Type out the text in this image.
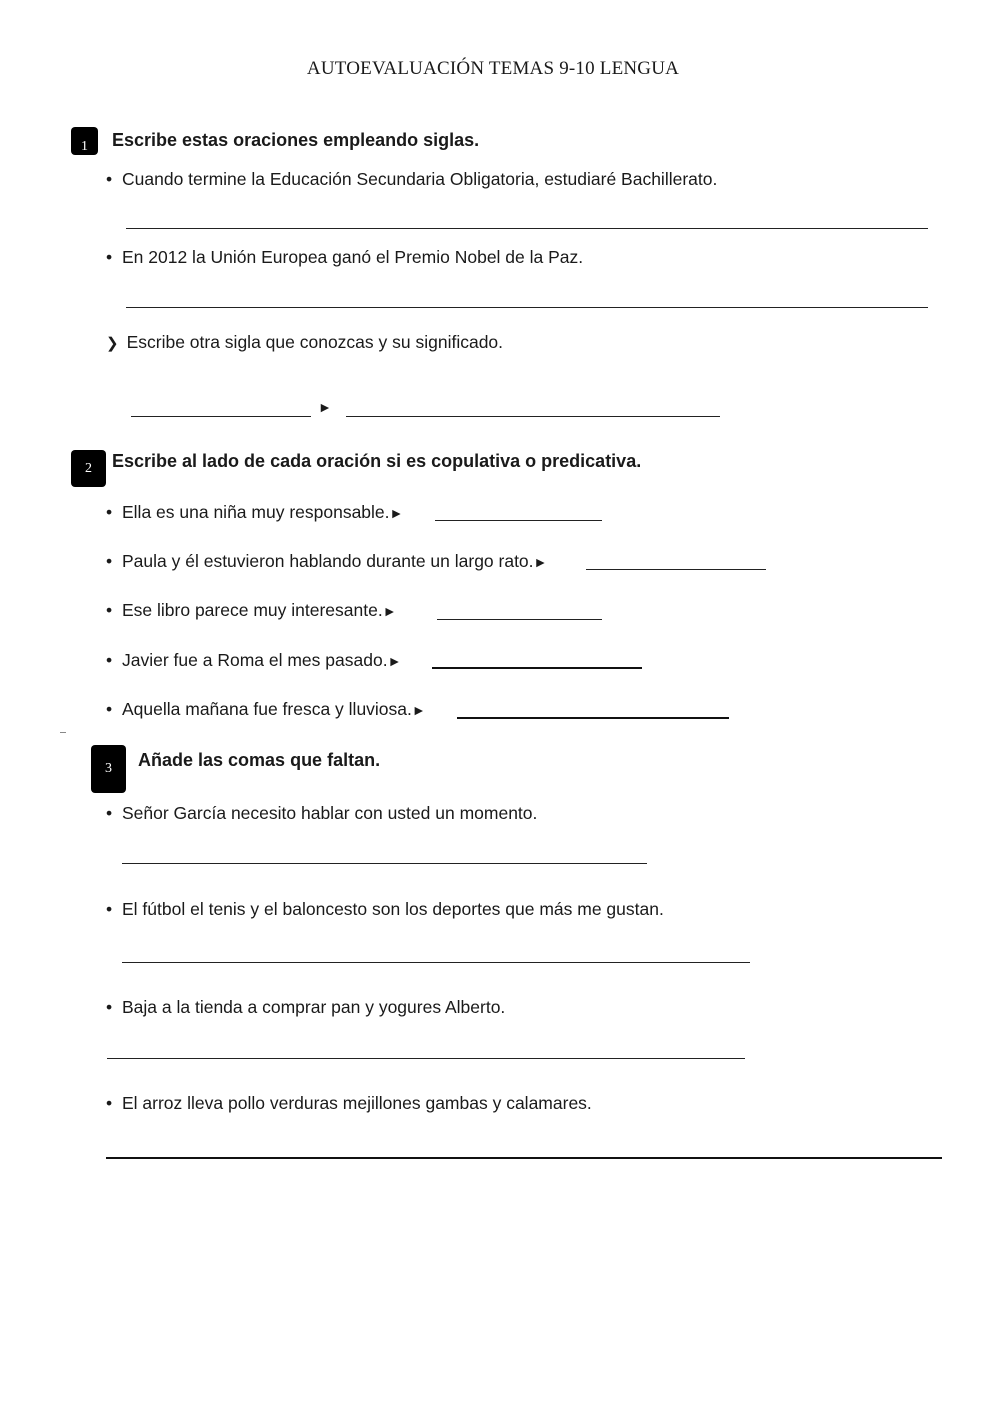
AUTOEVALUACIÓN TEMAS 9-10 LENGUA
1	Escribe estas oraciones empleando siglas.
• Cuando termine la Educación Secundaria Obligatoria, estudiaré Bachillerato.
• En 2012 la Unión Europea ganó el Premio Nobel de la Paz.
❯ Escribe otra sigla que conozcas y su significado.
►
2	Escribe al lado de cada oración si es copulativa o predicativa.
• Ella es una niña muy responsable.►
• Paula y él estuvieron hablando durante un largo rato.►
• Ese libro parece muy interesante.►
• Javier fue a Roma el mes pasado.►
• Aquella mañana fue fresca y lluviosa.►
3	Añade las comas que faltan.
• Señor García necesito hablar con usted un momento.
• El fútbol el tenis y el baloncesto son los deportes que más me gustan.
• Baja a la tienda a comprar pan y yogures Alberto.
• El arroz lleva pollo verduras mejillones gambas y calamares.
